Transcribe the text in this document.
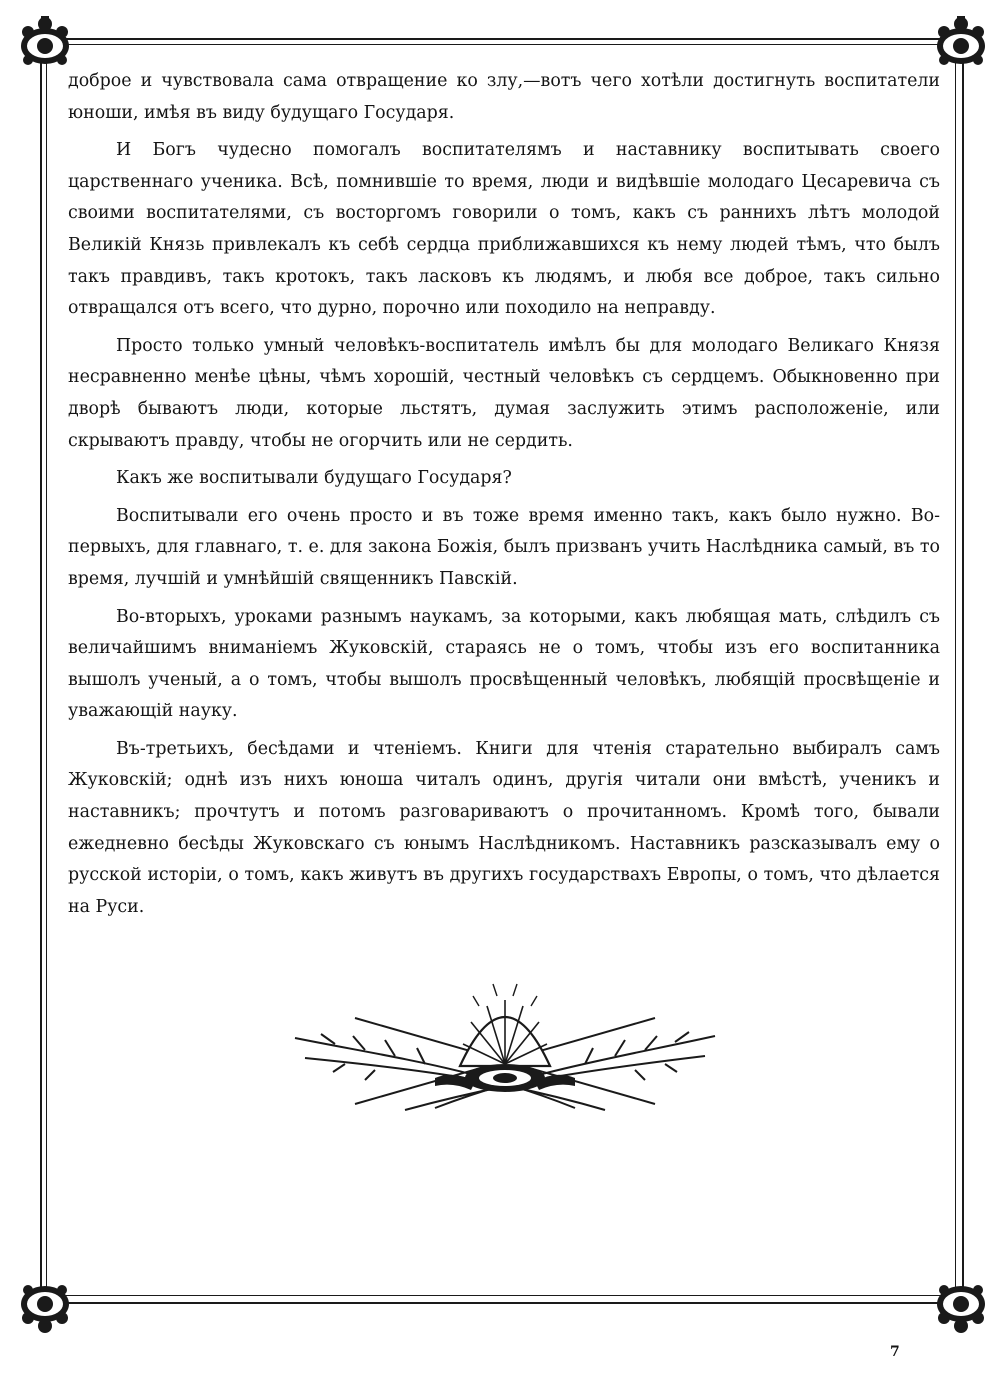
доброе и чувствовала сама отвращение ко злу,—вотъ чего хотѣли достигнуть воспитатели юноши, имѣя въ виду будущаго Государя.

И Богъ чудесно помогалъ воспитателямъ и наставнику воспитывать своего царственнаго ученика. Всѣ, помнившіе то время, люди и видѣвшіе молодаго Цесаревича съ своими воспитателями, съ восторгомъ говорили о томъ, какъ съ раннихъ лѣтъ молодой Великій Князь привлекалъ къ себѣ сердца приближавшихся къ нему людей тѣмъ, что былъ такъ правдивъ, такъ кротокъ, такъ ласковъ къ людямъ, и любя все доброе, такъ сильно отвращался отъ всего, что дурно, порочно или походило на неправду.

Просто только умный человѣкъ-воспитатель имѣлъ бы для молодаго Великаго Князя несравненно менѣе цѣны, чѣмъ хорошій, честный человѣкъ съ сердцемъ. Обыкновенно при дворѣ бываютъ люди, которые льстятъ, думая заслужить этимъ расположеніе, или скрываютъ правду, чтобы не огорчить или не сердить.

Какъ же воспитывали будущаго Государя?

Воспитывали его очень просто и въ тоже время именно такъ, какъ было нужно. Во-первыхъ, для главнаго, т. е. для закона Божія, былъ призванъ учить Наслѣдника самый, въ то время, лучшій и умнѣйшій священникъ Павскій.

Во-вторыхъ, уроками разнымъ наукамъ, за которыми, какъ любящая мать, слѣдилъ съ величайшимъ вниманіемъ Жуковскій, стараясь не о томъ, чтобы изъ его воспитанника вышолъ ученый, а о томъ, чтобы вышолъ просвѣщенный человѣкъ, любящій просвѣщеніе и уважающій науку.

Въ-третьихъ, бесѣдами и чтеніемъ. Книги для чтенія старательно выбиралъ самъ Жуковскій; однѣ изъ нихъ юноша читалъ одинъ, другія читали они вмѣстѣ, ученикъ и наставникъ; прочтутъ и потомъ разговариваютъ о прочитанномъ. Кромѣ того, бывали ежедневно бесѣды Жуковскаго съ юнымъ Наслѣдникомъ. Наставникъ разсказывалъ ему о русской исторіи, о томъ, какъ живутъ въ другихъ государствахъ Европы, о томъ, что дѣлается на Руси.

7
